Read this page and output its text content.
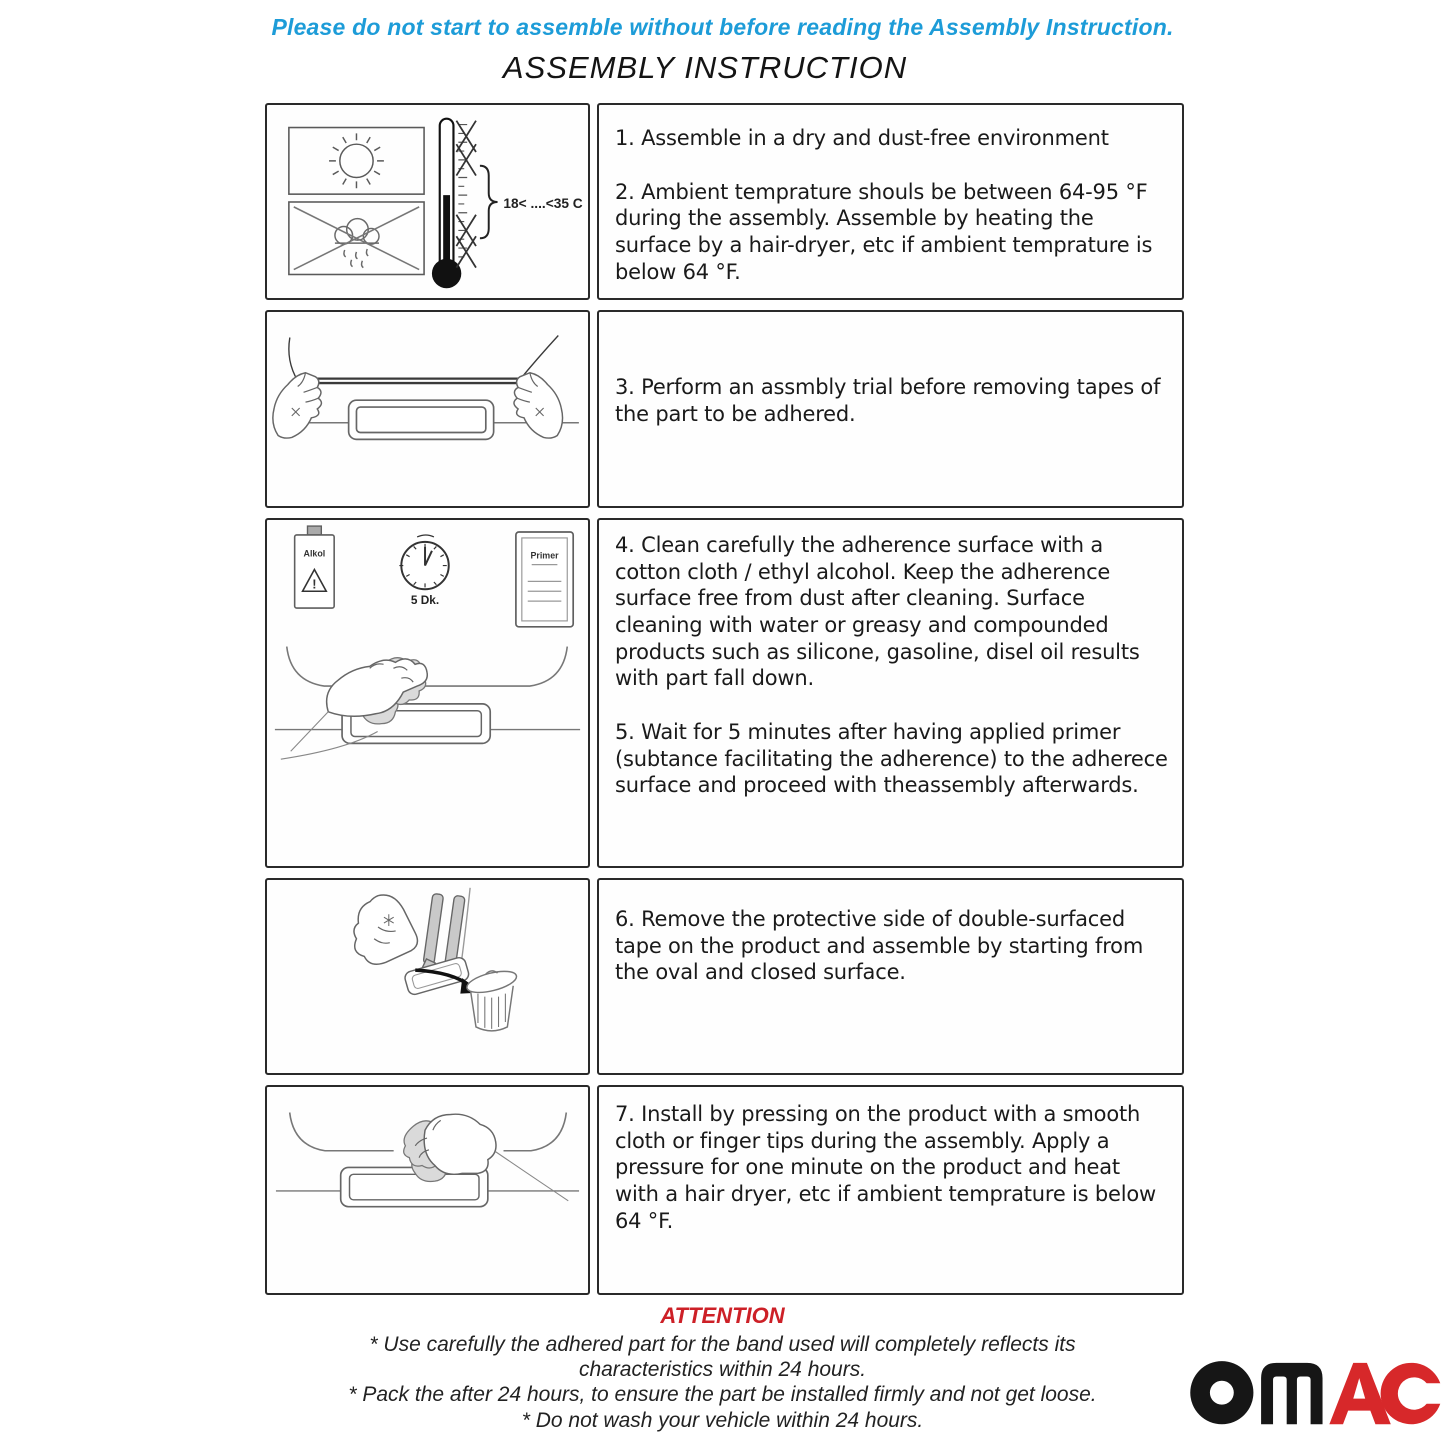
Please do not start to assemble without before reading the Assembly Instruction.
ASSEMBLY INSTRUCTION
18< ....<35 C

1. Assemble in a dry and dust-free environment

2. Ambient temprature shouls be between 64-95 °F during the assembly. Assemble by heating the surface by a hair-dryer, etc if ambient temprature is below 64 °F.

3. Perform an assmbly trial before removing tapes of the part to be adhered.

Alkol
!
5 Dk.
Primer	4. Clean carefully the adherence surface with a cotton cloth / ethyl alcohol. Keep the adherence surface free from dust after cleaning. Surface cleaning with water or greasy and compounded products such as silicone, gasoline, disel oil results with part fall down.

5. Wait for 5 minutes after having applied primer (subtance facilitating the adherence) to the adherece surface and proceed with theassembly afterwards.

6. Remove the protective side of double-surfaced tape on the product and assemble by starting from the oval and closed surface.

7. Install by pressing on the product with a smooth cloth or finger tips during the assembly. Apply a pressure for one minute on the product and heat with a hair dryer, etc if ambient temprature is below 64 °F.

ATTENTION
* Use carefully the adhered part for the band used will completely reflects its
characteristics within 24 hours.
* Pack the after 24 hours, to ensure the part be installed firmly and not get loose.
* Do not wash your vehicle within 24 hours.
